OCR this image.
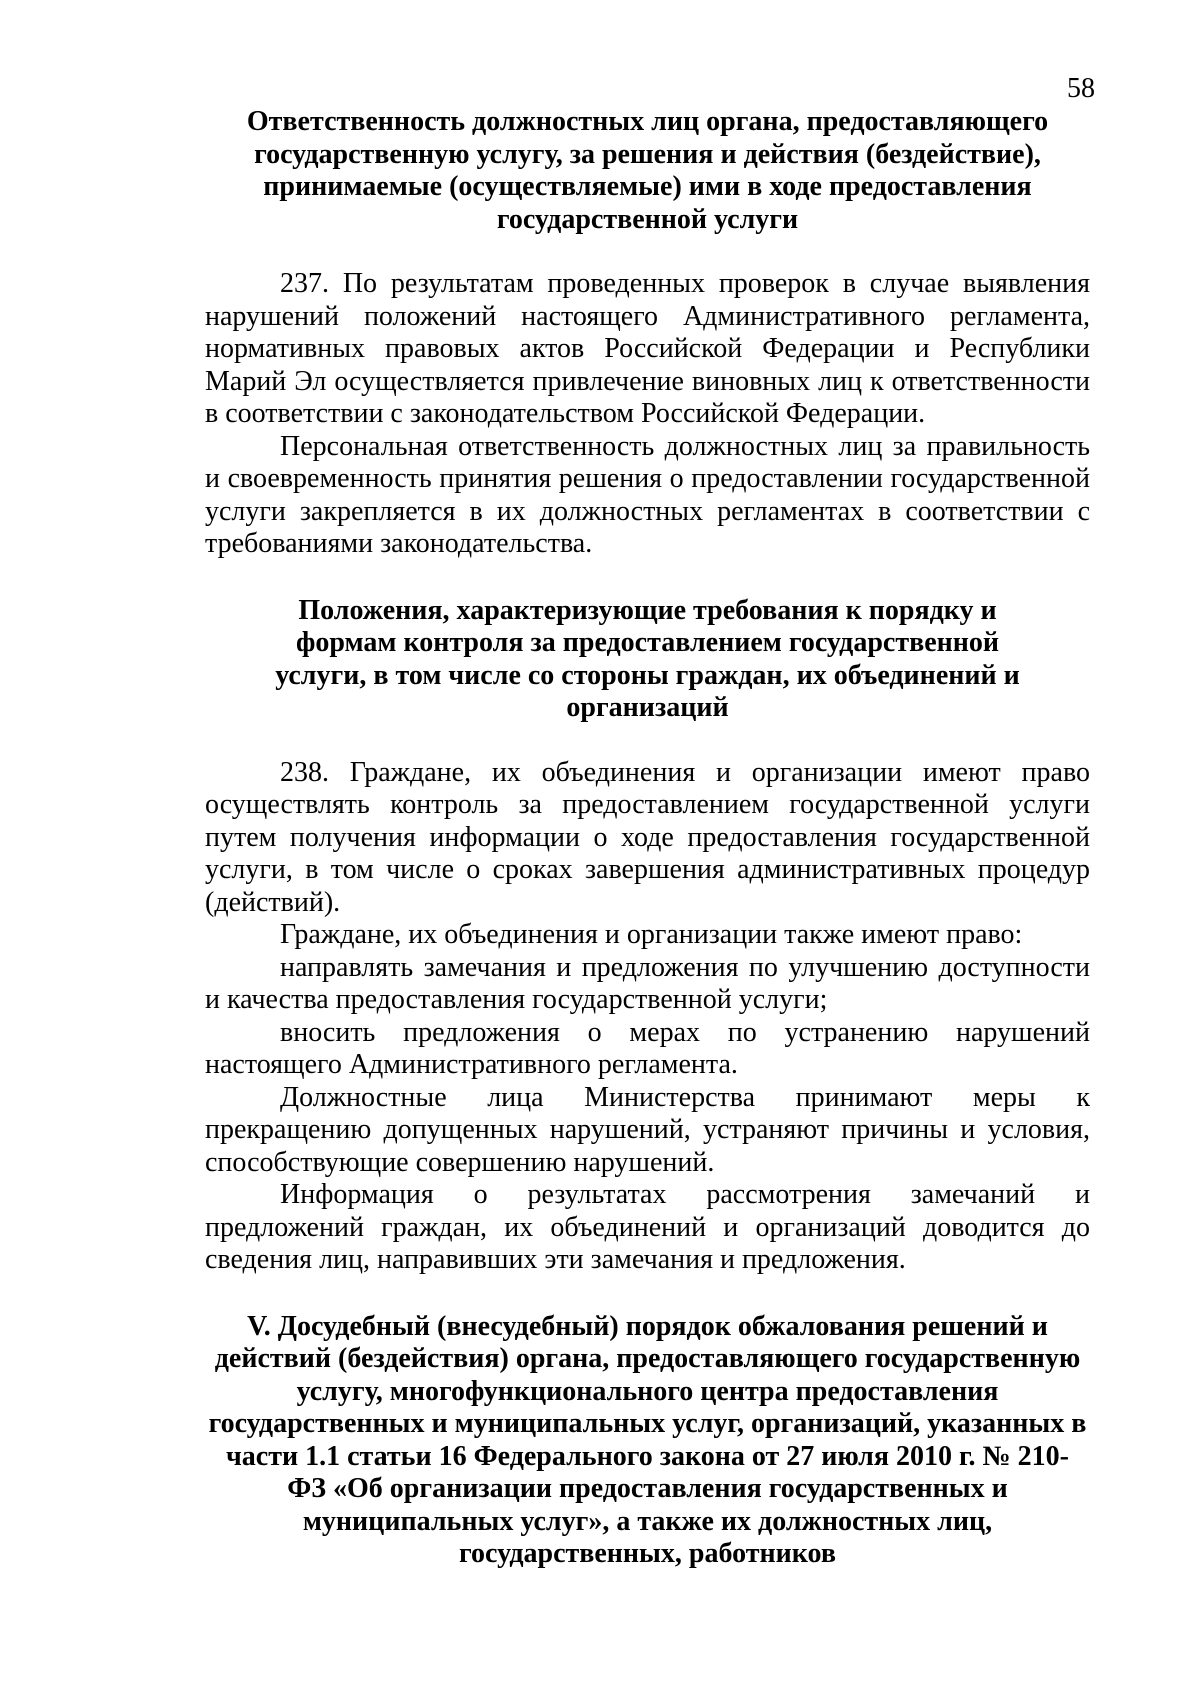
58

Ответственность должностных лиц органа, предоставляющего государственную услугу, за решения и действия (бездействие), принимаемые (осуществляемые) ими в ходе предоставления государственной услуги

237. По результатам проведенных проверок в случае выявления нарушений положений настоящего Административного регламента, нормативных правовых актов Российской Федерации и Республики Марий Эл осуществляется привлечение виновных лиц к ответственности в соответствии с законодательством Российской Федерации.

Персональная ответственность должностных лиц за правильность и своевременность принятия решения о предоставлении государственной услуги закрепляется в их должностных регламентах в соответствии с требованиями законодательства.

Положения, характеризующие требования к порядку и формам контроля за предоставлением государственной услуги, в том числе со стороны граждан, их объединений и организаций

238. Граждане, их объединения и организации имеют право осуществлять контроль за предоставлением государственной услуги путем получения информации о ходе предоставления государственной услуги, в том числе о сроках завершения административных процедур (действий).

Граждане, их объединения и организации также имеют право:

направлять замечания и предложения по улучшению доступности и качества предоставления государственной услуги;

вносить предложения о мерах по устранению нарушений настоящего Административного регламента.

Должностные лица Министерства принимают меры к прекращению допущенных нарушений, устраняют причины и условия, способствующие совершению нарушений.

Информация о результатах рассмотрения замечаний и предложений граждан, их объединений и организаций доводится до сведения лиц, направивших эти замечания и предложения.

V. Досудебный (внесудебный) порядок обжалования решений и действий (бездействия) органа, предоставляющего государственную услугу, многофункционального центра предоставления государственных и муниципальных услуг, организаций, указанных в части 1.1 статьи 16 Федерального закона от 27 июля 2010 г. № 210-ФЗ «Об организации предоставления государственных и муниципальных услуг», а также их должностных лиц, государственных, работников
